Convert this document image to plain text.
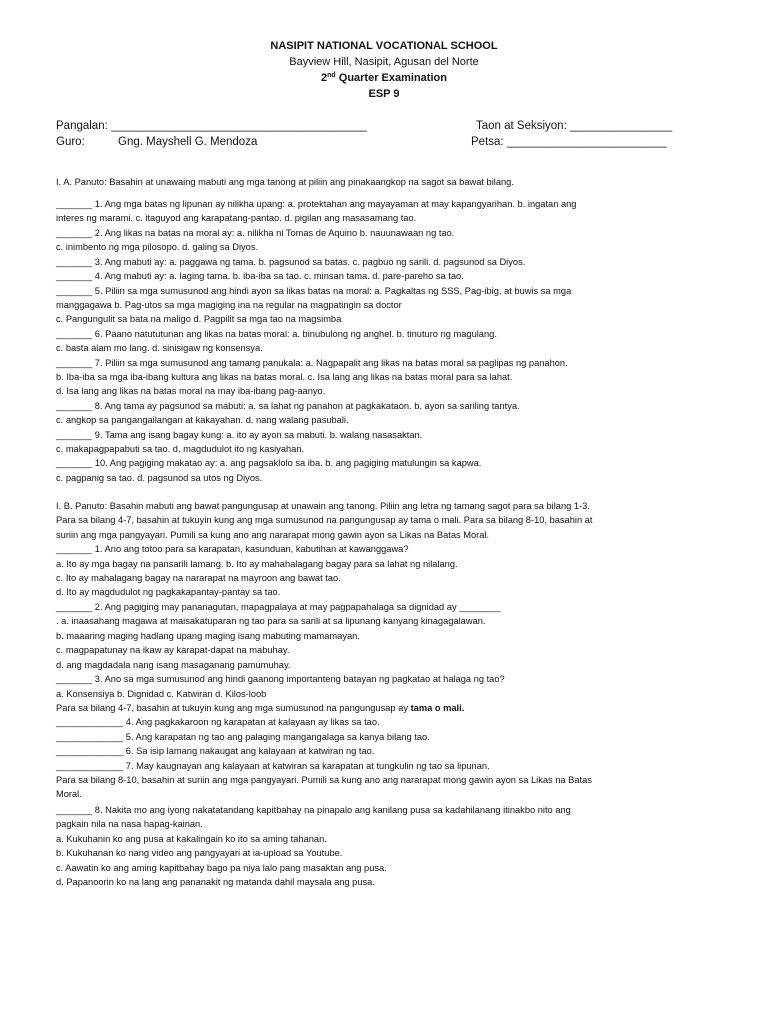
NASIPIT NATIONAL VOCATIONAL SCHOOL
Bayview Hill, Nasipit, Agusan del Norte
2nd Quarter Examination
ESP 9
Pangalan: ________________________________________	Taon at Seksiyon: ________________
Guro:	Gng. Mayshell G. Mendoza	Petsa: _________________________
I. A. Panuto: Basahin at unawaing mabuti ang mga tanong at piliin ang pinakaangkop na sagot sa bawat bilang.
_______ 1. Ang mga batas ng lipunan ay nilikha upang: a. protektahan ang mayayaman at may kapangyarihan. b. ingatan ang
interes ng marami. c. itaguyod ang karapatang-pantao. d. pigilan ang masasamang tao.
_______ 2. Ang likas na batas na moral ay: a. nilikha ni Tomas de Aquino b. nauunawaan ng tao.
c. inimbento ng mga pilosopo. d. galing sa Diyos.
_______ 3. Ang mabuti ay: a. paggawa ng tama. b. pagsunod sa batas. c. pagbuo ng sarili. d. pagsunod sa Diyos.
_______ 4. Ang mabuti ay: a. laging tama. b. iba-iba sa tao. c. minsan tama. d. pare-pareho sa tao.
_______ 5. Piliin sa mga sumusunod ang hindi ayon sa likas batas na moral: a. Pagkaltas ng SSS, Pag-ibig, at buwis sa mga
manggagawa b. Pag-utos sa mga magiging ina na regular na magpatingin sa doctor
c. Pangungulit sa bata na maligo d. Pagpilit sa mga tao na magsimba
_______ 6. Paano natututunan ang likas na batas moral: a. binubulong ng anghel. b. tinuturo ng magulang.
c. basta alam mo lang. d. sinisigaw ng konsensya.
_______ 7. Piliin sa mga sumusunod ang tamang panukala: a. Nagpapalit ang likas na batas moral sa paglipas ng panahon.
b. Iba-iba sa mga iba-ibang kultura ang likas na batas moral. c. Isa lang ang likas na batas moral para sa lahat.
d. Isa lang ang likas na batas moral na may iba-ibang pag-aanyo.
_______ 8. Ang tama ay pagsunod sa mabuti: a. sa lahat ng panahon at pagkakataon. b. ayon sa sariling tantya.
c. angkop sa pangangailangan at kakayahan. d. nang walang pasubali.
_______ 9. Tama ang isang bagay kung: a. ito ay ayon sa mabuti. b. walang nasasaktan.
c. makapagpapabuti sa tao. d. magdudulot ito ng kasiyahan.
_______ 10. Ang pagiging makatao ay: a. ang pagsaklolo sa iba. b. ang pagiging matulungin sa kapwa.
c. pagpanig sa tao. d. pagsunod sa utos ng Diyos.
I. B. Panuto: Basahin mabuti ang bawat pangungusap at unawain ang tanong. Piliin ang letra ng tamang sagot para sa bilang 1-3.
Para sa bilang 4-7, basahin at tukuyin kung ang mga sumusunod na pangungusap ay tama o mali. Para sa bilang 8-10, basahin at
suriin ang mga pangyayari. Pumili sa kung ano ang nararapat mong gawin ayon sa Likas na Batas Moral.
_______ 1. Ano ang totoo para sa karapatan, kasunduan, kabutihan at kawanggawa?
a. Ito ay mga bagay na pansarili lamang. b. Ito ay mahahalagang bagay para sa lahat ng nilalang.
c. Ito ay mahalagang bagay na nararapat na mayroon ang bawat tao.
d. Ito ay magdudulot ng pagkakapantay-pantay sa tao.
_______ 2. Ang pagiging may pananagutan, mapagpalaya at may pagpapahalaga sa dignidad ay ________
. a. inaasahang magawa at maisakatuparan ng tao para sa sarili at sa lipunang kanyang kinagagalawan.
b. maaaring maging hadlang upang maging isang mabuting mamamayan.
c. magpapatunay na ikaw ay karapat-dapat na mabuhay.
d. ang magdadala nang isang masaganang pamumuhay.
_______ 3. Ano sa mga sumusunod ang hindi gaanong importanteng batayan ng pagkatao at halaga ng tao?
a. Konsensiya b. Dignidad c. Katwiran d. Kilos-loob
Para sa bilang 4-7, basahin at tukuyin kung ang mga sumusunod na pangungusap ay tama o mali.
_____________ 4. Ang pagkakaroon ng karapatan at kalayaan ay likas sa tao.
_____________ 5. Ang karapatan ng tao ang palaging mangangalaga sa kanya bilang tao.
_____________ 6. Sa isip lamang nakaugat ang kalayaan at katwiran ng tao.
_____________ 7. May kaugnayan ang kalayaan at katwiran sa karapatan at tungkulin ng tao sa lipunan.
Para sa bilang 8-10, basahin at suriin ang mga pangyayari. Pumili sa kung ano ang nararapat mong gawin ayon sa Likas na Batas
Moral.
_______ 8. Nakita mo ang iyong nakatatandang kapitbahay na pinapalo ang kanilang pusa sa kadahilanang itinakbo nito ang
pagkain nila na nasa hapag-kainan.
a. Kukuhanin ko ang pusa at kakalingain ko ito sa aming tahanan.
b. Kukuhanan ko nang video ang pangyayari at ia-upload sa Youtube.
c. Aawatin ko ang aming kapitbahay bago pa niya lalo pang masaktan ang pusa.
d. Papanoorin ko na lang ang pananakit ng matanda dahil maysala ang pusa.
